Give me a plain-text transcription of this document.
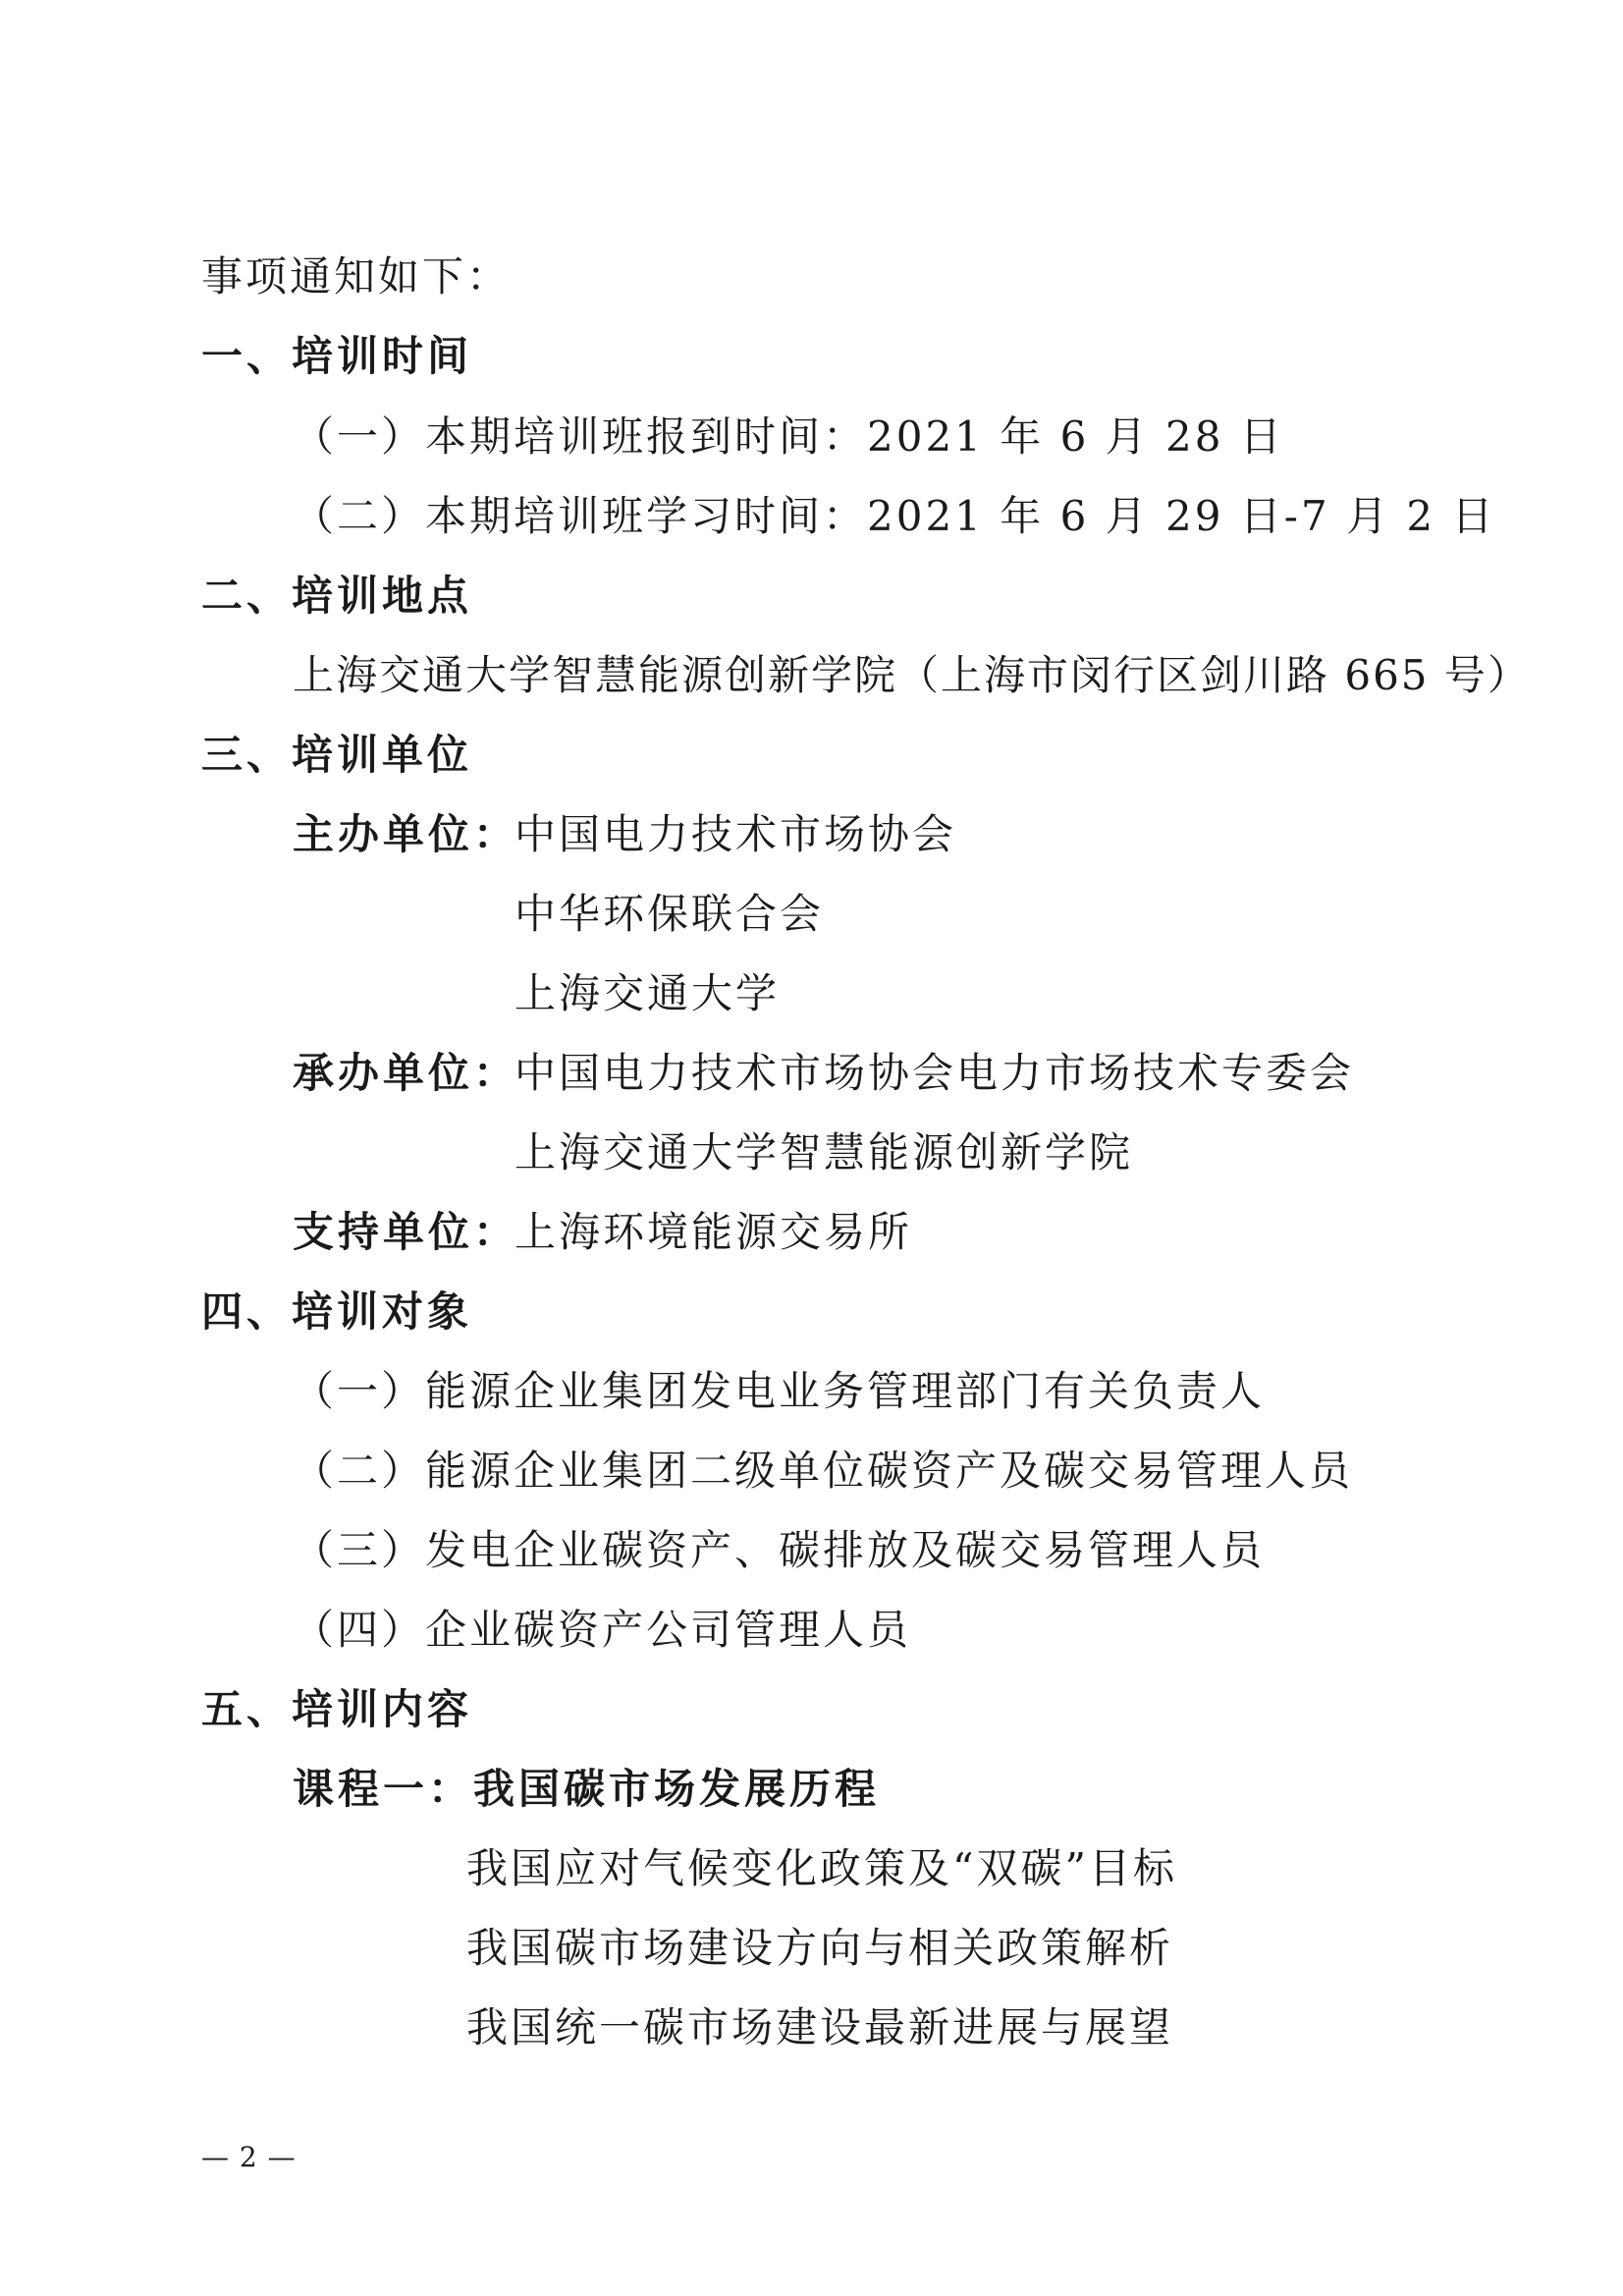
事项通知如下：
一、培训时间
（一）本期培训班报到时间：2021 年 6 月 28 日
（二）本期培训班学习时间：2021 年 6 月 29 日-7 月 2 日
二、培训地点
上海交通大学智慧能源创新学院（上海市闵行区剑川路 665 号）
三、培训单位
主办单位：
中国电力技术市场协会
中华环保联合会
上海交通大学
承办单位：
中国电力技术市场协会电力市场技术专委会
上海交通大学智慧能源创新学院
支持单位：
上海环境能源交易所
四、培训对象
（一）能源企业集团发电业务管理部门有关负责人
（二）能源企业集团二级单位碳资产及碳交易管理人员
（三）发电企业碳资产、碳排放及碳交易管理人员
（四）企业碳资产公司管理人员
五、培训内容
课程一：我国碳市场发展历程
我国应对气候变化政策及“双碳”目标
我国碳市场建设方向与相关政策解析
我国统一碳市场建设最新进展与展望
— 2 —
